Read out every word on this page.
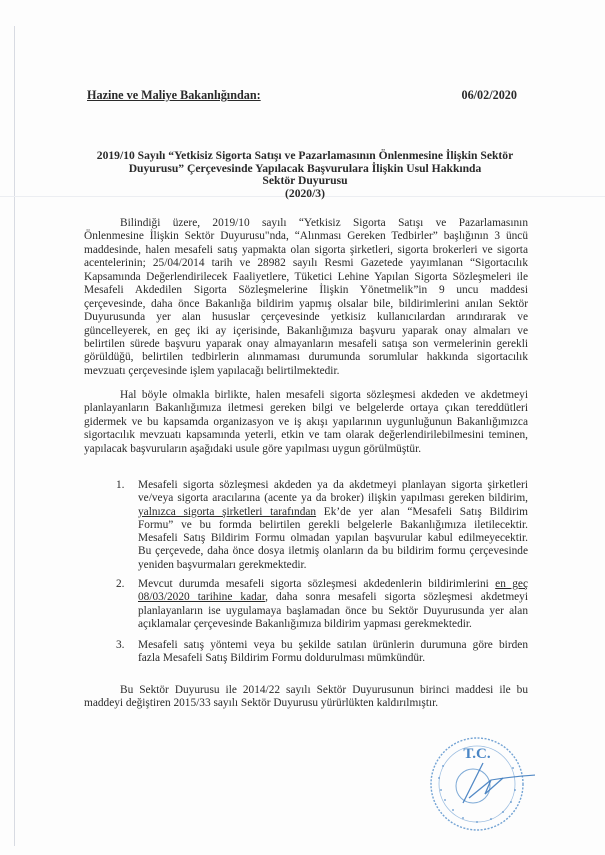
Hazine ve Maliye Bakanlığından:	06/02/2020
2019/10 Sayılı “Yetkisiz Sigorta Satışı ve Pazarlamasının Önlenmesine İlişkin Sektör
Duyurusu” Çerçevesinde Yapılacak Başvurulara İlişkin Usul Hakkında
Sektör Duyurusu
(2020/3)
Bilindiği üzere, 2019/10 sayılı “Yetkisiz Sigorta Satışı ve Pazarlamasının
Önlenmesine İlişkin Sektör Duyurusu"nda, “Alınması Gereken Tedbirler” başlığının 3 üncü
maddesinde, halen mesafeli satış yapmakta olan sigorta şirketleri, sigorta brokerleri ve sigorta
acentelerinin; 25/04/2014 tarih ve 28982 sayılı Resmi Gazetede yayımlanan “Sigortacılık
Kapsamında Değerlendirilecek Faaliyetlere, Tüketici Lehine Yapılan Sigorta Sözleşmeleri ile
Mesafeli Akdedilen Sigorta Sözleşmelerine İlişkin Yönetmelik”in 9 uncu maddesi
çerçevesinde, daha önce Bakanlığa bildirim yapmış olsalar bile, bildirimlerini anılan Sektör
Duyurusunda yer alan hususlar çerçevesinde yetkisiz kullanıcılardan arındırarak ve
güncelleyerek, en geç iki ay içerisinde, Bakanlığımıza başvuru yaparak onay almaları ve
belirtilen sürede başvuru yaparak onay almayanların mesafeli satışa son vermelerinin gerekli
görüldüğü, belirtilen tedbirlerin alınmaması durumunda sorumlular hakkında sigortacılık
mevzuatı çerçevesinde işlem yapılacağı belirtilmektedir.
Hal böyle olmakla birlikte, halen mesafeli sigorta sözleşmesi akdeden ve akdetmeyi
planlayanların Bakanlığımıza iletmesi gereken bilgi ve belgelerde ortaya çıkan tereddütleri
gidermek ve bu kapsamda organizasyon ve iş akışı yapılarının uygunluğunun Bakanlığımızca
sigortacılık mevzuatı kapsamında yeterli, etkin ve tam olarak değerlendirilebilmesini teminen,
yapılacak başvuruların aşağıdaki usule göre yapılması uygun görülmüştür.
1. Mesafeli sigorta sözleşmesi akdeden ya da akdetmeyi planlayan sigorta şirketleri
ve/veya sigorta aracılarına (acente ya da broker) ilişkin yapılması gereken bildirim,
yalnızca sigorta şirketleri tarafından Ek’de yer alan “Mesafeli Satış Bildirim
Formu” ve bu formda belirtilen gerekli belgelerle Bakanlığımıza iletilecektir.
Mesafeli Satış Bildirim Formu olmadan yapılan başvurular kabul edilmeyecektir.
Bu çerçevede, daha önce dosya iletmiş olanların da bu bildirim formu çerçevesinde
yeniden başvurmaları gerekmektedir.
2. Mevcut durumda mesafeli sigorta sözleşmesi akdedenlerin bildirimlerini en geç
08/03/2020 tarihine kadar, daha sonra mesafeli sigorta sözleşmesi akdetmeyi
planlayanların ise uygulamaya başlamadan önce bu Sektör Duyurusunda yer alan
açıklamalar çerçevesinde Bakanlığımıza bildirim yapması gerekmektedir.
3. Mesafeli satış yöntemi veya bu şekilde satılan ürünlerin durumuna göre birden
fazla Mesafeli Satış Bildirim Formu doldurulması mümkündür.
Bu Sektör Duyurusu ile 2014/22 sayılı Sektör Duyurusunun birinci maddesi ile bu
maddeyi değiştiren 2015/33 sayılı Sektör Duyurusu yürürlükten kaldırılmıştır.
T.C.
